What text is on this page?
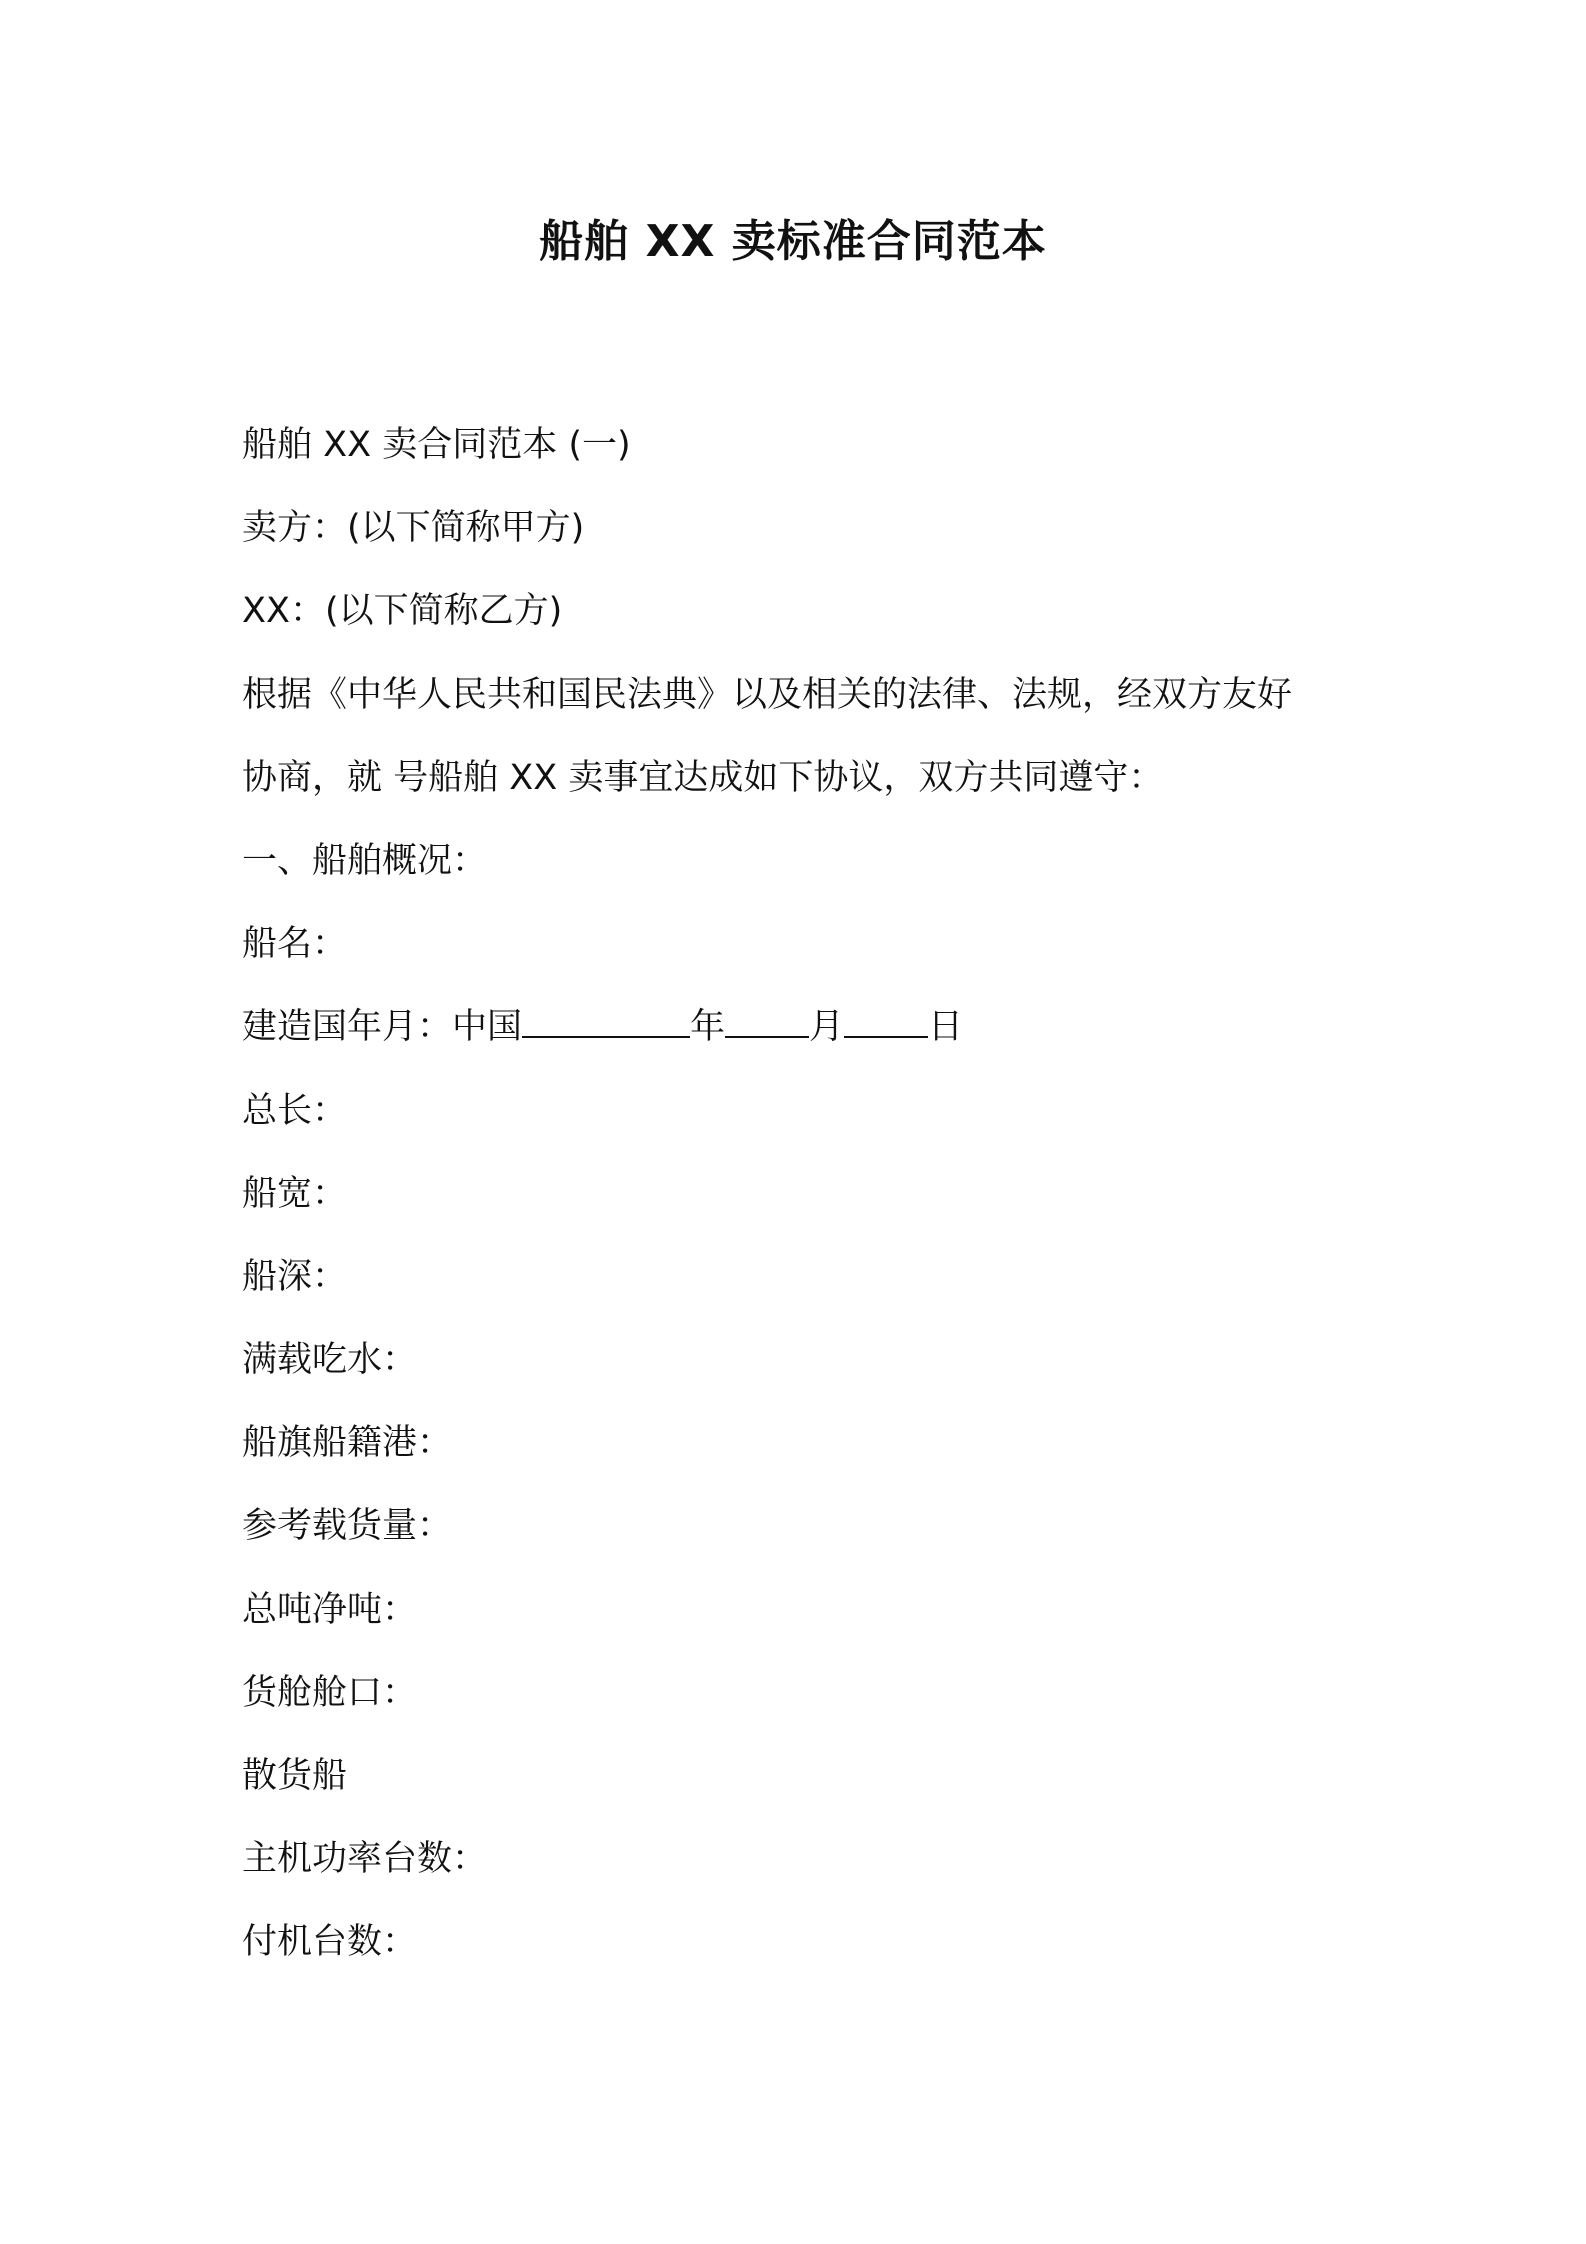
船舶 XX 卖标准合同范本

船舶 XX 卖合同范本 (一)

卖方：(以下简称甲方)

XX：(以下简称乙方)

根据《中华人民共和国民法典》以及相关的法律、法规，经双方友好

协商，就 号船舶 XX 卖事宜达成如下协议，双方共同遵守：

一、船舶概况：

船名：

建造国年月：中国	年 月 日

总长：

船宽：

船深：

满载吃水：

船旗船籍港：

参考载货量：

总吨净吨：

货舱舱口：

散货船

主机功率台数：

付机台数：
